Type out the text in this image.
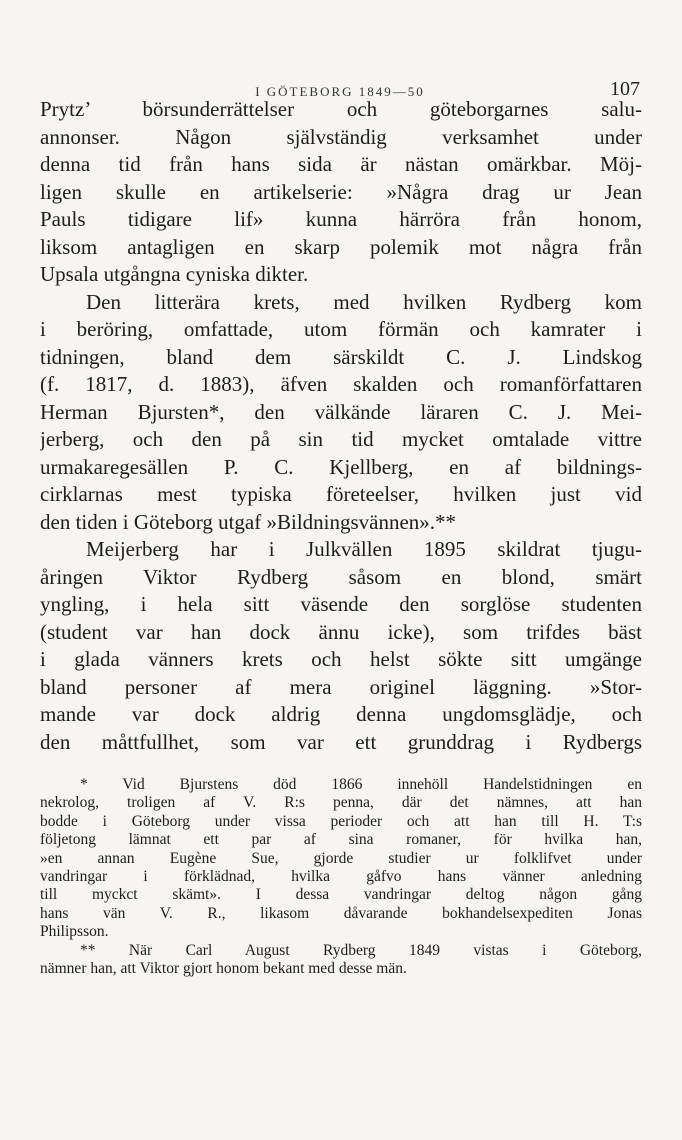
I GÖTEBORG 1849—50	107
Prytz’ börsunderrättelser och göteborgarnes salu-
annonser. Någon självständig verksamhet under
denna tid från hans sida är nästan omärkbar. Möj-
ligen skulle en artikelserie: »Några drag ur Jean
Pauls tidigare lif» kunna härröra från honom,
liksom antagligen en skarp polemik mot några från
Upsala utgångna cyniska dikter.
Den litterära krets, med hvilken Rydberg kom
i beröring, omfattade, utom förmän och kamrater i
tidningen, bland dem särskildt C. J. Lindskog
(f. 1817, d. 1883), äfven skalden och romanförfattaren
Herman Bjursten*, den välkände läraren C. J. Mei-
jerberg, och den på sin tid mycket omtalade vittre
urmakaregesällen P. C. Kjellberg, en af bildnings-
cirklarnas mest typiska företeelser, hvilken just vid
den tiden i Göteborg utgaf »Bildningsvännen».**
Meijerberg har i Julkvällen 1895 skildrat tjugu-
åringen Viktor Rydberg såsom en blond, smärt
yngling, i hela sitt väsende den sorglöse studenten
(student var han dock ännu icke), som trifdes bäst
i glada vänners krets och helst sökte sitt umgänge
bland personer af mera originel läggning. »Stor-
mande var dock aldrig denna ungdomsglädje, och
den måttfullhet, som var ett grunddrag i Rydbergs
* Vid Bjurstens död 1866 innehöll Handelstidningen en
nekrolog, troligen af V. R:s penna, där det nämnes, att han
bodde i Göteborg under vissa perioder och att han till H. T:s
följetong lämnat ett par af sina romaner, för hvilka han,
»en annan Eugène Sue, gjorde studier ur folklifvet under
vandringar i förklädnad, hvilka gåfvo hans vänner anledning
till myckct skämt». I dessa vandringar deltog någon gång
hans vän V. R., likasom dåvarande bokhandelsexpediten Jonas
Philipsson.
** När Carl August Rydberg 1849 vistas i Göteborg,
nämner han, att Viktor gjort honom bekant med desse män.
